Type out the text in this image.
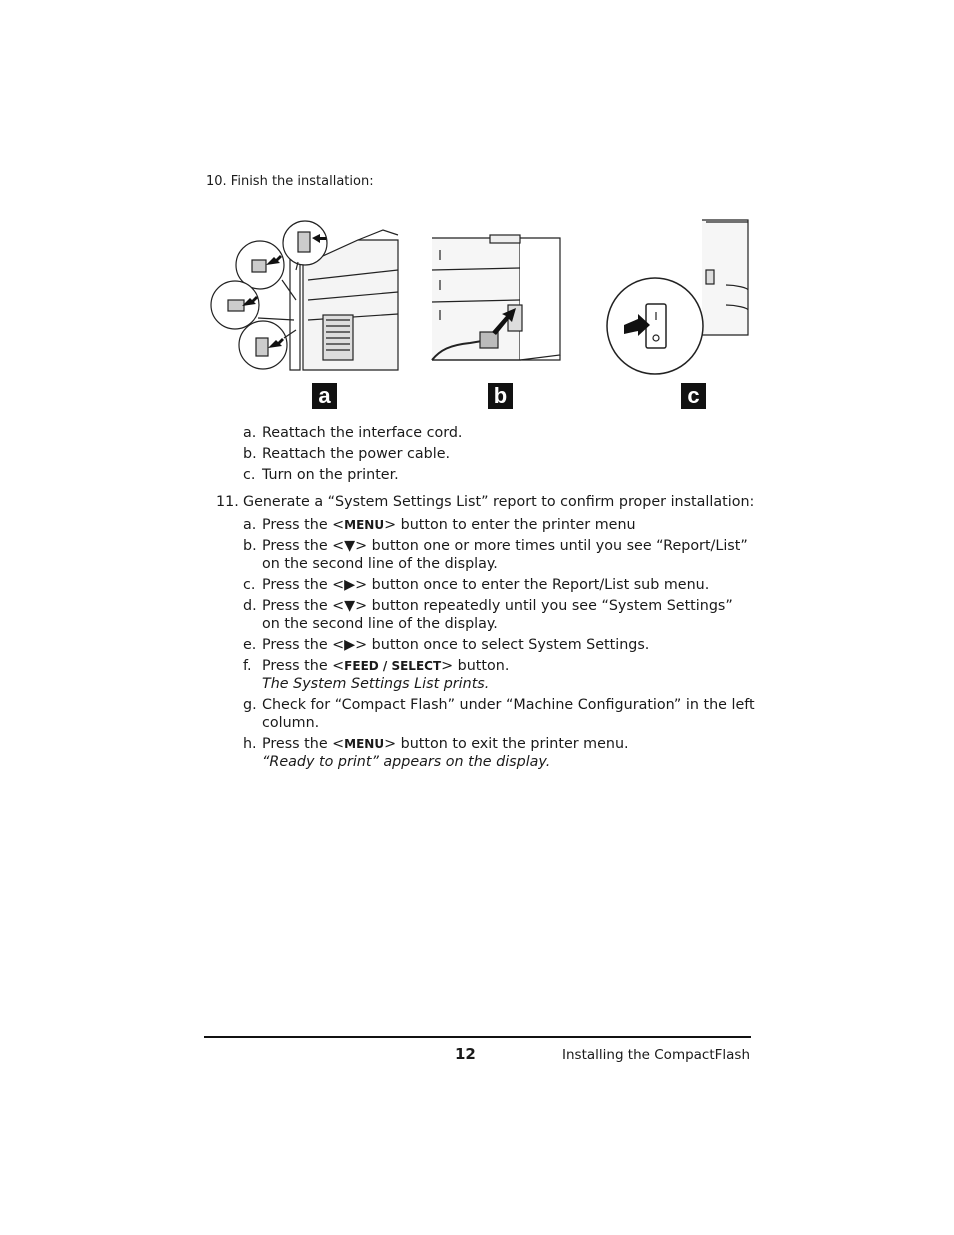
10. Finish the installation:
a	b	c
a. Reattach the interface cord.
b. Reattach the power cable.
c. Turn on the printer.
11. Generate a “System Settings List” report to confirm proper installation:
a. Press the <MENU> button to enter the printer menu
b. Press the <▼> button one or more times until you see “Report/List”
on the second line of the display.
c. Press the <▶> button once to enter the Report/List sub menu.
d. Press the <▼> button repeatedly until you see “System Settings”
on the second line of the display.
e. Press the <▶> button once to select System Settings.
f. Press the <FEED / SELECT> button.
The System Settings List prints.
g. Check for “Compact Flash” under “Machine Configuration” in the left
column.
h. Press the <MENU> button to exit the printer menu.
“Ready to print” appears on the display.
12	Installing the CompactFlash
